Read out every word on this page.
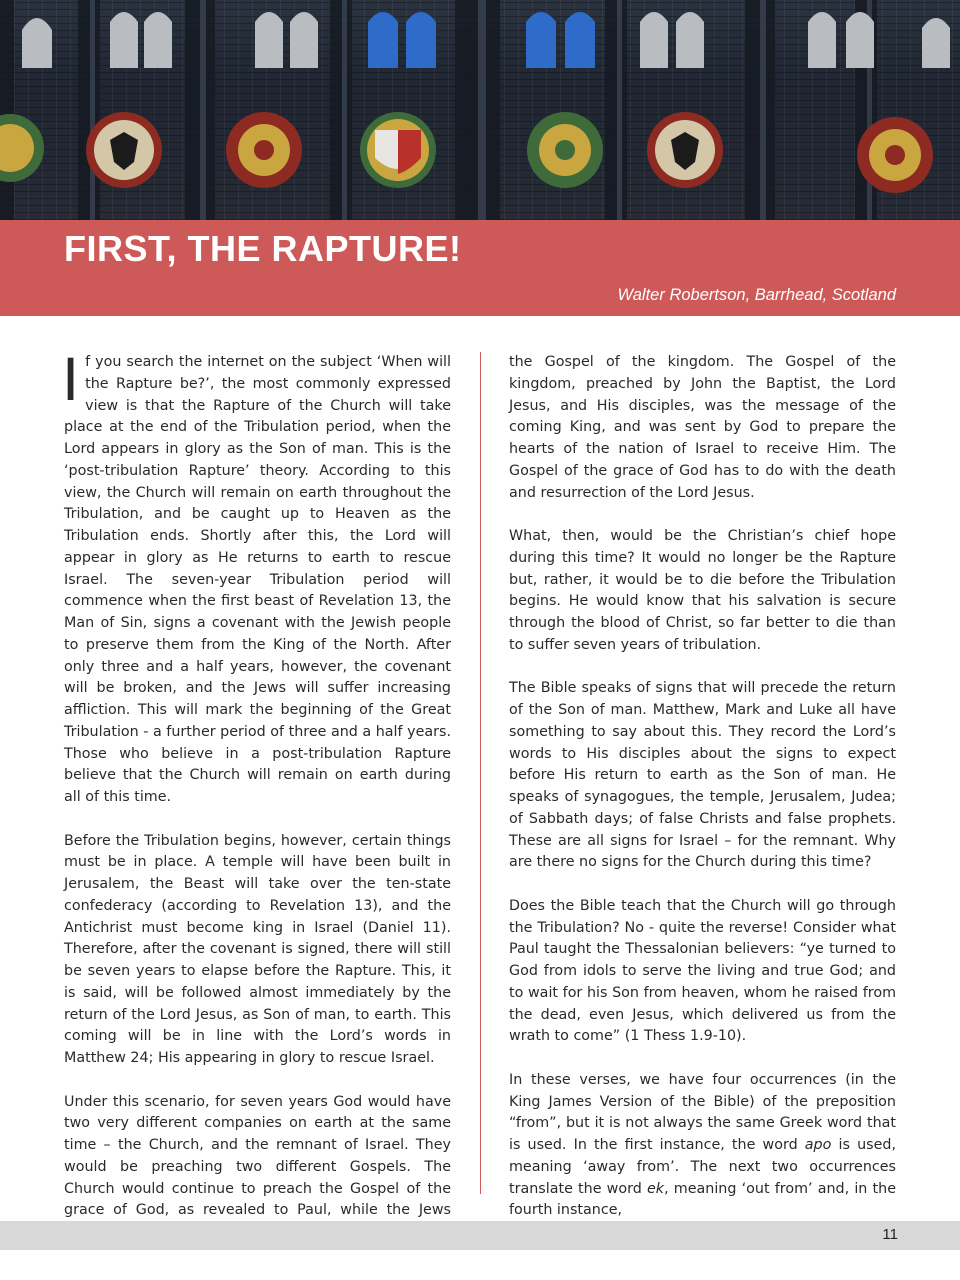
FIRST, THE RAPTURE!

Walter Robertson, Barrhead, Scotland

If you search the internet on the subject ‘When will the Rapture be?’, the most commonly expressed view is that the Rapture of the Church will take place at the end of the Tribulation period, when the Lord appears in glory as the Son of man. This is the ‘post-tribulation Rapture’ theory. According to this view, the Church will remain on earth throughout the Tribulation, and be caught up to Heaven as the Tribulation ends. Shortly after this, the Lord will appear in glory as He returns to earth to rescue Israel. The seven-year Tribulation period will commence when the first beast of Revelation 13, the Man of Sin, signs a covenant with the Jewish people to preserve them from the King of the North. After only three and a half years, however, the covenant will be broken, and the Jews will suffer increasing affliction. This will mark the beginning of the Great Tribulation - a further period of three and a half years. Those who believe in a post-tribulation Rapture believe that the Church will remain on earth during all of this time.

Before the Tribulation begins, however, certain things must be in place. A temple will have been built in Jerusalem, the Beast will take over the ten-state confederacy (according to Revelation 13), and the Antichrist must become king in Israel (Daniel 11). Therefore, after the covenant is signed, there will still be seven years to elapse before the Rapture. This, it is said, will be followed almost immediately by the return of the Lord Jesus, as Son of man, to earth. This coming will be in line with the Lord’s words in Matthew 24; His appearing in glory to rescue Israel.

Under this scenario, for seven years God would have two very different companies on earth at the same time – the Church, and the remnant of Israel. They would be preaching two different Gospels. The Church would continue to preach the Gospel of the grace of God, as revealed to Paul, while the Jews

the Gospel of the kingdom. The Gospel of the kingdom, preached by John the Baptist, the Lord Jesus, and His disciples, was the message of the coming King, and was sent by God to prepare the hearts of the nation of Israel to receive Him. The Gospel of the grace of God has to do with the death and resurrection of the Lord Jesus.

What, then, would be the Christian’s chief hope during this time? It would no longer be the Rapture but, rather, it would be to die before the Tribulation begins. He would know that his salvation is secure through the blood of Christ, so far better to die than to suffer seven years of tribulation.

The Bible speaks of signs that will precede the return of the Son of man. Matthew, Mark and Luke all have something to say about this. They record the Lord’s words to His disciples about the signs to expect before His return to earth as the Son of man. He speaks of synagogues, the temple, Jerusalem, Judea; of Sabbath days; of false Christs and false prophets. These are all signs for Israel – for the remnant. Why are there no signs for the Church during this time?

Does the Bible teach that the Church will go through the Tribulation? No - quite the reverse! Consider what Paul taught the Thessalonian believers: “ye turned to God from idols to serve the living and true God; and to wait for his Son from heaven, whom he raised from the dead, even Jesus, which delivered us from the wrath to come” (1 Thess 1.9-10).

In these verses, we have four occurrences (in the King James Version of the Bible) of the preposition “from”, but it is not always the same Greek word that is used. In the first instance, the word apo is used, meaning ‘away from’. The next two occurrences translate the word ek, meaning ‘out from’ and, in the fourth instance,

11
